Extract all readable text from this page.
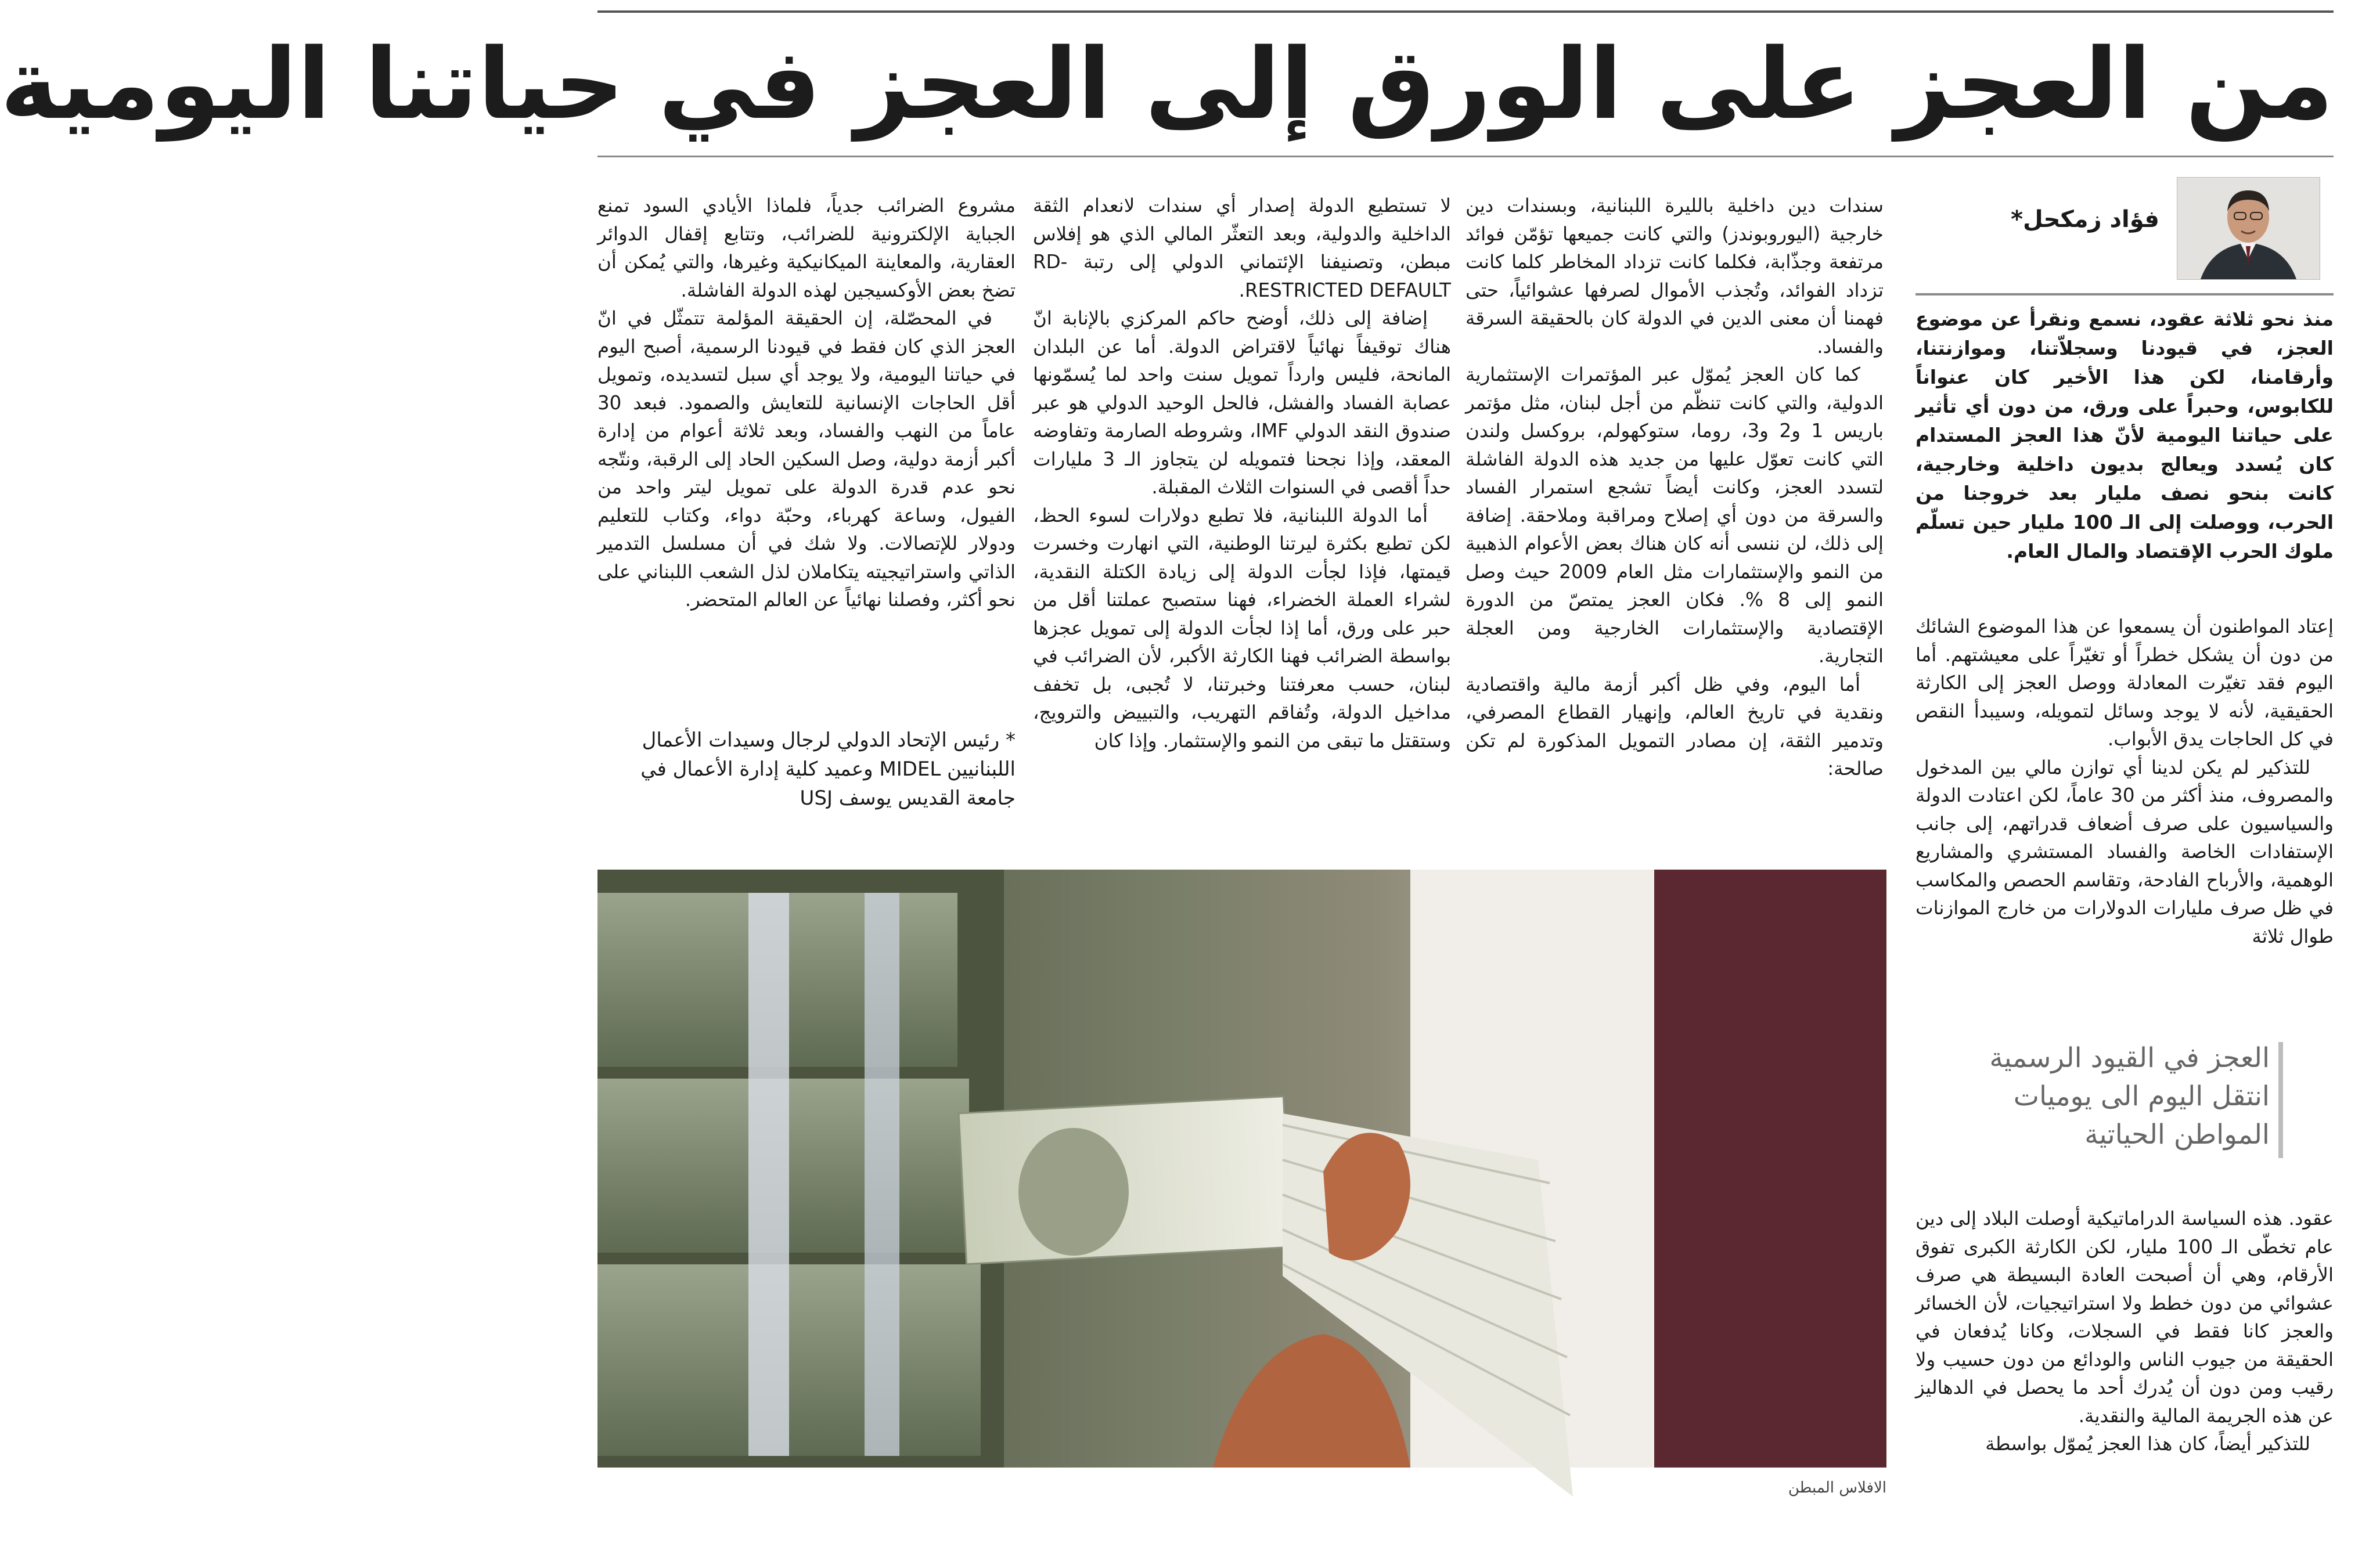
من العجز على الورق إلى العجز في حياتنا اليومية
فؤاد زمكحل*

منذ نحو ثلاثة عقود، نسمع ونقرأ عن موضوع العجز، في قيودنا وسجلاّتنا، وموازنتنا، وأرقامنا، لكن هذا الأخير كان عنواناً للكابوس، وحبراً على ورق، من دون أي تأثير على حياتنا اليومية لأنّ هذا العجز المستدام كان يُسدد ويعالج بديون داخلية وخارجية، كانت بنحو نصف مليار بعد خروجنا من الحرب، ووصلت إلى الـ 100 مليار حين تسلّم ملوك الحرب الإقتصاد والمال العام.

إعتاد المواطنون أن يسمعوا عن هذا الموضوع الشائك من دون أن يشكل خطراً أو تغيّراً على معيشتهم. أما اليوم فقد تغيّرت المعادلة ووصل العجز إلى الكارثة الحقيقية، لأنه لا يوجد وسائل لتمويله، وسيبدأ النقص في كل الحاجات يدق الأبواب.

للتذكير لم يكن لدينا أي توازن مالي بين المدخول والمصروف، منذ أكثر من 30 عاماً، لكن اعتادت الدولة والسياسيون على صرف أضعاف قدراتهم، إلى جانب الإستفادات الخاصة والفساد المستشري والمشاريع الوهمية، والأرباح الفادحة، وتقاسم الحصص والمكاسب في ظل صرف مليارات الدولارات من خارج الموازنات طوال ثلاثة

العجز في القيود الرسمية انتقل اليوم الى يوميات المواطن الحياتية

عقود. هذه السياسة الدراماتيكية أوصلت البلاد إلى دين عام تخطّى الـ 100 مليار، لكن الكارثة الكبرى تفوق الأرقام، وهي أن أصبحت العادة البسيطة هي صرف عشوائي من دون خطط ولا استراتيجيات، لأن الخسائر والعجز كانا فقط في السجلات، وكانا يُدفعان في الحقيقة من جيوب الناس والودائع من دون حسيب ولا رقيب ومن دون أن يُدرك أحد ما يحصل في الدهاليز عن هذه الجريمة المالية والنقدية.

للتذكير أيضاً، كان هذا العجز يُموّل بواسطة

سندات دين داخلية بالليرة اللبنانية، وبسندات دين خارجية (اليوروبوندز) والتي كانت جميعها تؤمّن فوائد مرتفعة وجذّابة، فكلما كانت تزداد المخاطر كلما كانت تزداد الفوائد، وتُجذب الأموال لصرفها عشوائياً، حتى فهمنا أن معنى الدين في الدولة كان بالحقيقة السرقة والفساد.

كما كان العجز يُموّل عبر المؤتمرات الإستثمارية الدولية، والتي كانت تنظّم من أجل لبنان، مثل مؤتمر باريس 1 و2 و3، روما، ستوكهولم، بروكسل ولندن التي كانت تعوّل عليها من جديد هذه الدولة الفاشلة لتسدد العجز، وكانت أيضاً تشجع استمرار الفساد والسرقة من دون أي إصلاح ومراقبة وملاحقة. إضافة إلى ذلك، لن ننسى أنه كان هناك بعض الأعوام الذهبية من النمو والإستثمارات مثل العام 2009 حيث وصل النمو إلى 8 %. فكان العجز يمتصّ من الدورة الإقتصادية والإستثمارات الخارجية ومن العجلة التجارية.

أما اليوم، وفي ظل أكبر أزمة مالية واقتصادية ونقدية في تاريخ العالم، وإنهيار القطاع المصرفي، وتدمير الثقة، إن مصادر التمويل المذكورة لم تكن صالحة:

لا تستطيع الدولة إصدار أي سندات لانعدام الثقة الداخلية والدولية، وبعد التعثّر المالي الذي هو إفلاس مبطن، وتصنيفنا الإئتماني الدولي إلى رتبة RD-RESTRICTED DEFAULT.

إضافة إلى ذلك، أوضح حاكم المركزي بالإنابة انّ هناك توقيفاً نهائياً لاقتراض الدولة. أما عن البلدان المانحة، فليس وارداً تمويل سنت واحد لما يُسمّونها عصابة الفساد والفشل، فالحل الوحيد الدولي هو عبر صندوق النقد الدولي IMF، وشروطه الصارمة وتفاوضه المعقد، وإذا نجحنا فتمويله لن يتجاوز الـ 3 مليارات حداً أقصى في السنوات الثلاث المقبلة.

أما الدولة اللبنانية، فلا تطبع دولارات لسوء الحظ، لكن تطبع بكثرة ليرتنا الوطنية، التي انهارت وخسرت قيمتها، فإذا لجأت الدولة إلى زيادة الكتلة النقدية، لشراء العملة الخضراء، فهنا ستصبح عملتنا أقل من حبر على ورق، أما إذا لجأت الدولة إلى تمويل عجزها بواسطة الضرائب فهنا الكارثة الأكبر، لأن الضرائب في لبنان، حسب معرفتنا وخبرتنا، لا تُجبى، بل تخفف مداخيل الدولة، وتُفاقم التهريب، والتبييض والترويج، وستقتل ما تبقى من النمو والإستثمار. وإذا كان

مشروع الضرائب جدياً، فلماذا الأيادي السود تمنع الجباية الإلكترونية للضرائب، وتتابع إقفال الدوائر العقارية، والمعاينة الميكانيكية وغيرها، والتي يُمكن أن تضخ بعض الأوكسيجين لهذه الدولة الفاشلة.

في المحصّلة، إن الحقيقة المؤلمة تتمثّل في انّ العجز الذي كان فقط في قيودنا الرسمية، أصبح اليوم في حياتنا اليومية، ولا يوجد أي سبل لتسديده، وتمويل أقل الحاجات الإنسانية للتعايش والصمود. فبعد 30 عاماً من النهب والفساد، وبعد ثلاثة أعوام من إدارة أكبر أزمة دولية، وصل السكين الحاد إلى الرقبة، ونتّجه نحو عدم قدرة الدولة على تمويل ليتر واحد من الفيول، وساعة كهرباء، وحبّة دواء، وكتاب للتعليم ودولار للإتصالات. ولا شك في أن مسلسل التدمير الذاتي واستراتيجيته يتكاملان لذل الشعب اللبناني على نحو أكثر، وفصلنا نهائياً عن العالم المتحضر.

* رئيس الإتحاد الدولي لرجال وسيدات الأعمال اللبنانيين MIDEL وعميد كلية إدارة الأعمال في جامعة القديس يوسف USJ
الافلاس المبطن
